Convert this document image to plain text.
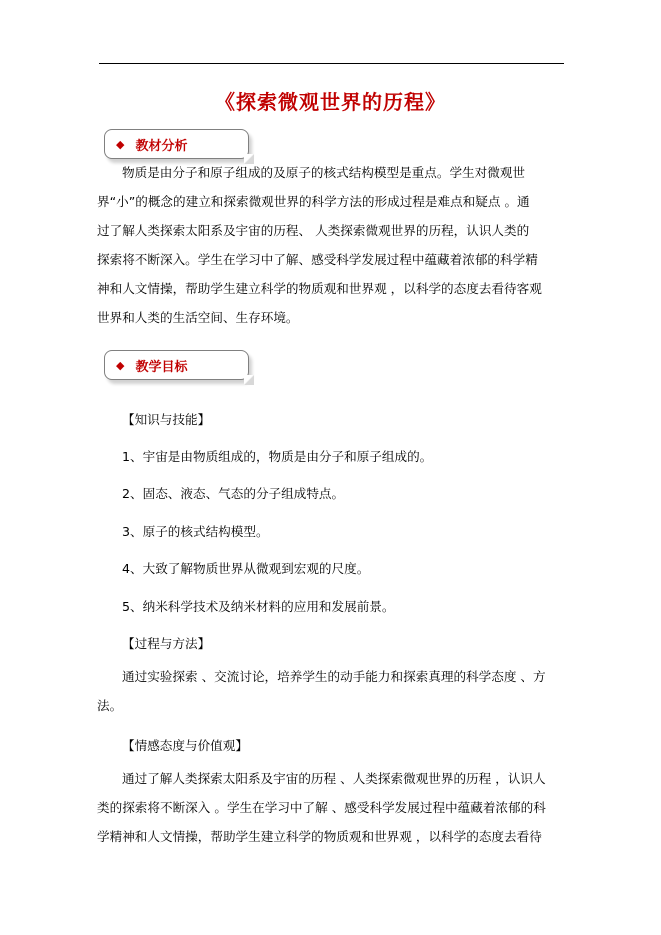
《探索微观世界的历程》
◆ 教材分析
物质是由分子和原子组成的及原子的核式结构模型是重点。学生对微观世
界“小”的概念的建立和探索微观世界的科学方法的形成过程是难点和疑点 。通
过了解人类探索太阳系及宇宙的历程、 人类探索微观世界的历程，认识人类的
探索将不断深入。学生在学习中了解、感受科学发展过程中蕴藏着浓郁的科学精
神和人文情操，帮助学生建立科学的物质观和世界观 ，以科学的态度去看待客观
世界和人类的生活空间、生存环境。
◆ 教学目标
【知识与技能】
1、宇宙是由物质组成的，物质是由分子和原子组成的。
2、固态、液态、气态的分子组成特点。
3、原子的核式结构模型。
4、大致了解物质世界从微观到宏观的尺度。
5、纳米科学技术及纳米材料的应用和发展前景。
【过程与方法】
通过实验探索 、交流讨论，培养学生的动手能力和探索真理的科学态度 、方
法。
【情感态度与价值观】
通过了解人类探索太阳系及宇宙的历程 、人类探索微观世界的历程 ，认识人
类的探索将不断深入 。学生在学习中了解 、感受科学发展过程中蕴藏着浓郁的科
学精神和人文情操，帮助学生建立科学的物质观和世界观 ，以科学的态度去看待
